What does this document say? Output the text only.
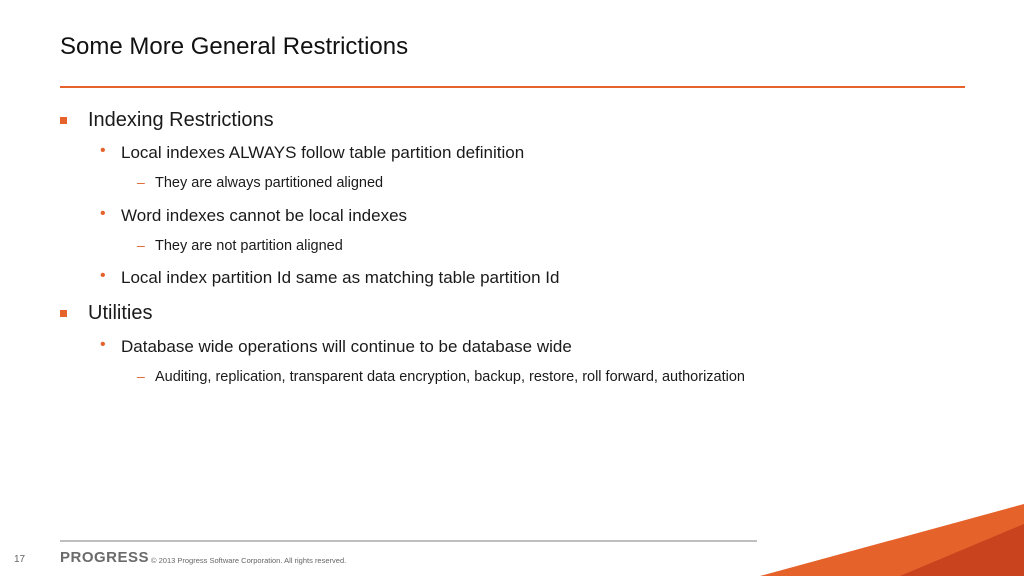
Some More General Restrictions
Indexing Restrictions
• Local indexes ALWAYS follow table partition definition
– They are always partitioned aligned
• Word indexes cannot be local indexes
– They are not partition aligned
• Local index partition Id same as matching table partition Id
Utilities
• Database wide operations will continue to be database wide
– Auditing, replication, transparent data encryption, backup, restore, roll forward, authorization
17 PROGRESS © 2013 Progress Software Corporation. All rights reserved.
